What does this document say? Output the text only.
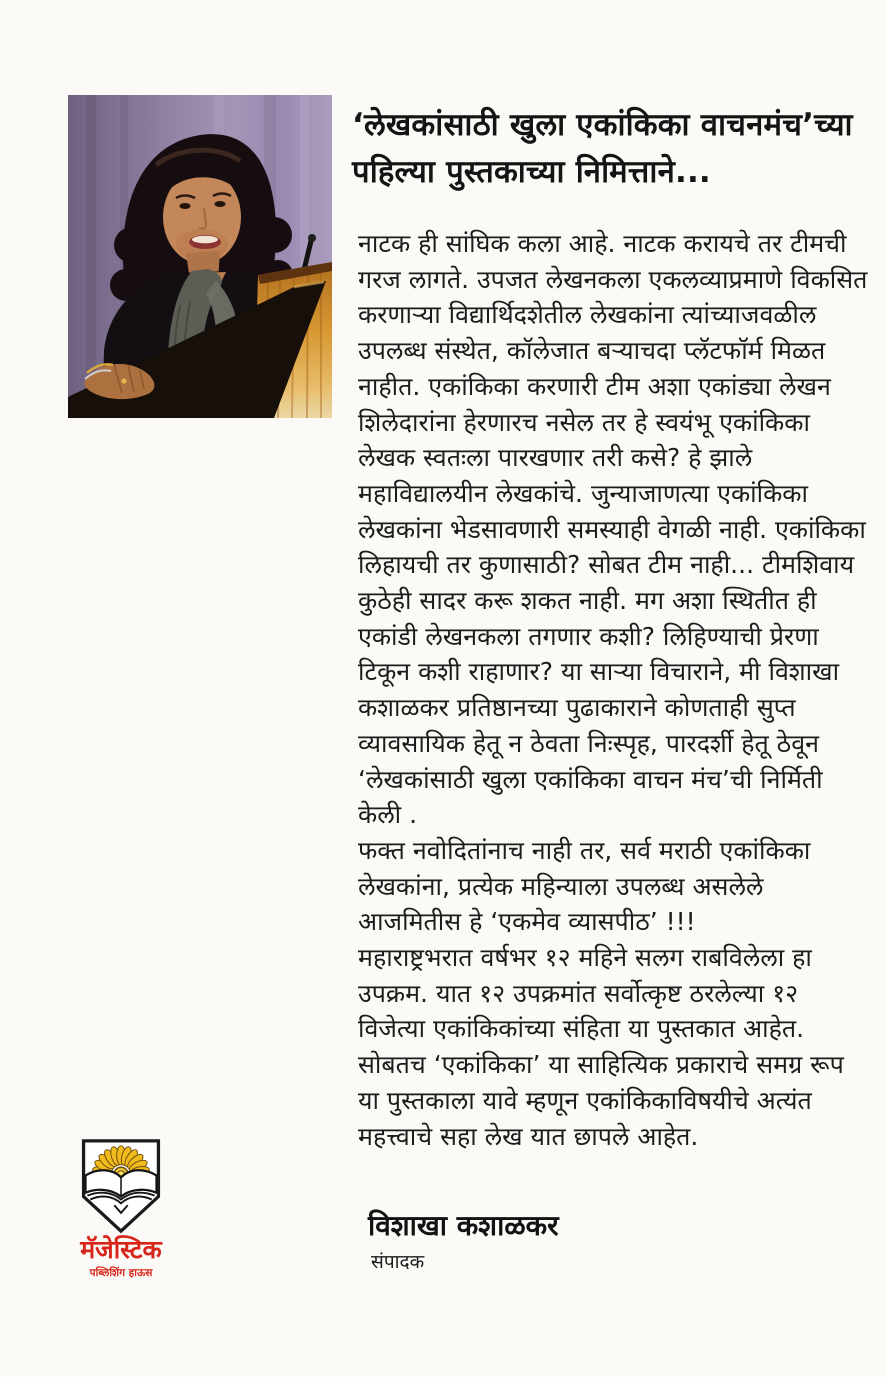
‘लेखकांसाठी खुला एकांकिका वाचनमंच’च्या
पहिल्या पुस्तकाच्या निमित्ताने...
नाटक ही सांघिक कला आहे. नाटक करायचे तर टीमची
गरज लागते. उपजत लेखनकला एकलव्याप्रमाणे विकसित
करणाऱ्या विद्यार्थिदशेतील लेखकांना त्यांच्याजवळील
उपलब्ध संस्थेत, कॉलेजात बऱ्याचदा प्लॅटफॉर्म मिळत
नाहीत. एकांकिका करणारी टीम अशा एकांड्या लेखन
शिलेदारांना हेरणारच नसेल तर हे स्वयंभू एकांकिका
लेखक स्वतःला पारखणार तरी कसे? हे झाले
महाविद्यालयीन लेखकांचे. जुन्याजाणत्या एकांकिका
लेखकांना भेडसावणारी समस्याही वेगळी नाही. एकांकिका
लिहायची तर कुणासाठी? सोबत टीम नाही... टीमशिवाय
कुठेही सादर करू शकत नाही. मग अशा स्थितीत ही
एकांडी लेखनकला तगणार कशी? लिहिण्याची प्रेरणा
टिकून कशी राहाणार? या साऱ्या विचाराने, मी विशाखा
कशाळकर प्रतिष्ठानच्या पुढाकाराने कोणताही सुप्त
व्यावसायिक हेतू न ठेवता निःस्पृह, पारदर्शी हेतू ठेवून
‘लेखकांसाठी खुला एकांकिका वाचन मंच’ची निर्मिती
केली .
फक्त नवोदितांनाच नाही तर, सर्व मराठी एकांकिका
लेखकांना, प्रत्येक महिन्याला उपलब्ध असलेले
आजमितीस हे ‘एकमेव व्यासपीठ’ !!!
महाराष्ट्रभरात वर्षभर १२ महिने सलग राबविलेला हा
उपक्रम. यात १२ उपक्रमांत सर्वोत्कृष्ट ठरलेल्या १२
विजेत्या एकांकिकांच्या संहिता या पुस्तकात आहेत.
सोबतच ‘एकांकिका’ या साहित्यिक प्रकाराचे समग्र रूप
या पुस्तकाला यावे म्हणून एकांकिकाविषयीचे अत्यंत
महत्त्वाचे सहा लेख यात छापले आहेत.
विशाखा कशाळकर
संपादक
मॅजेस्टिक
पब्लिशिंग हाऊस
